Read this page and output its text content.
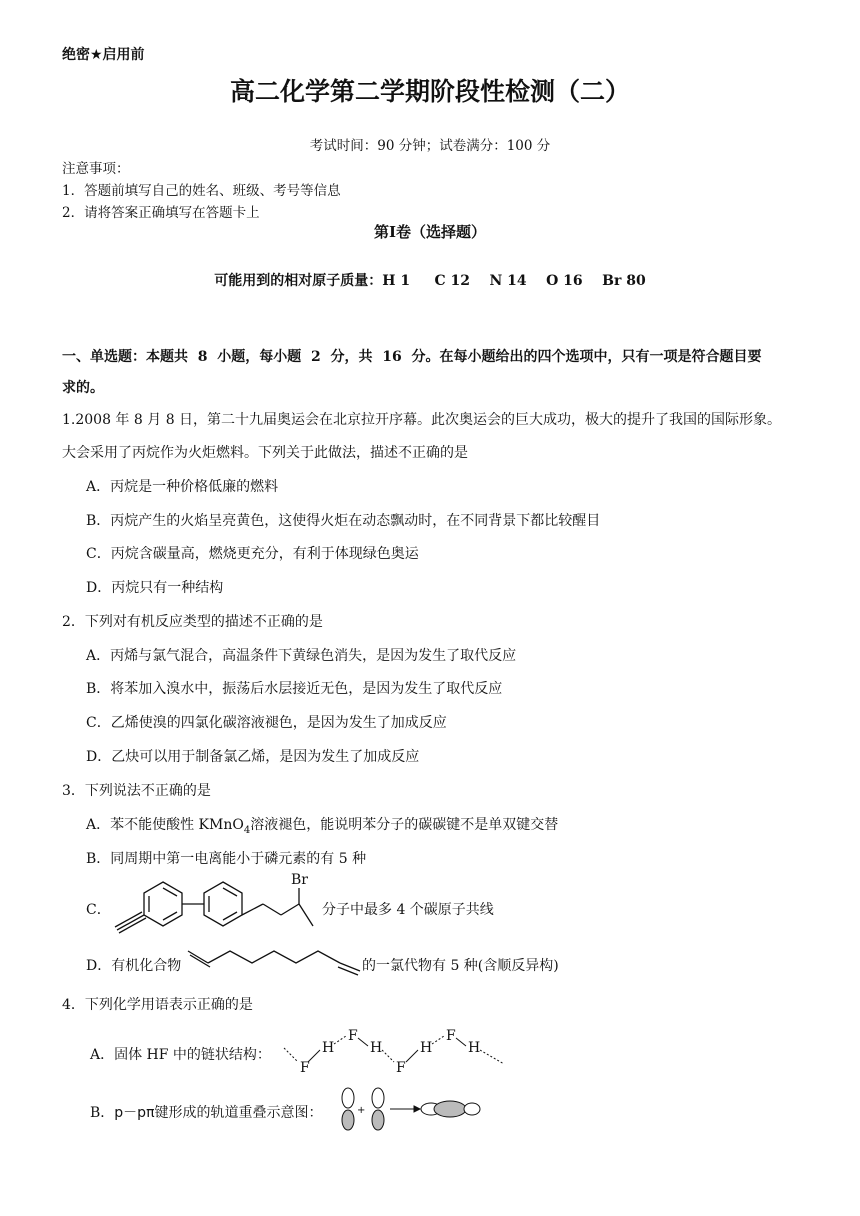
绝密★启用前
高二化学第二学期阶段性检测（二）
考试时间：90 分钟；试卷满分：100 分
注意事项：
1．答题前填写自己的姓名、班级、考号等信息
2．请将答案正确填写在答题卡上
第Ⅰ卷（选择题）
可能用到的相对原子质量：H 1     C 12    N 14    O 16    Br 80
一、单选题：本题共  8  小题，每小题  2  分，共  16  分。在每小题给出的四个选项中，只有一项是符合题目要
求的。
1.2008 年 8 月 8 日，第二十九届奥运会在北京拉开序幕。此次奥运会的巨大成功，极大的提升了我国的国际形象。
大会采用了丙烷作为火炬燃料。下列关于此做法，描述不正确的是
A．丙烷是一种价格低廉的燃料
B．丙烷产生的火焰呈亮黄色，这使得火炬在动态飘动时，在不同背景下都比较醒目
C．丙烷含碳量高，燃烧更充分，有利于体现绿色奥运
D．丙烷只有一种结构
2．下列对有机反应类型的描述不正确的是
A．丙烯与氯气混合，高温条件下黄绿色消失，是因为发生了取代反应
B．将苯加入溴水中，振荡后水层接近无色，是因为发生了取代反应
C．乙烯使溴的四氯化碳溶液褪色，是因为发生了加成反应
D．乙炔可以用于制备氯乙烯，是因为发生了加成反应
3．下列说法不正确的是
A．苯不能使酸性 KMnO$_4$溶液褪色，能说明苯分子的碳碳键不是单双键交替
B．同周期中第一电离能小于磷元素的有 5 种
C．
Br
分子中最多 4 个碳原子共线
D．有机化合物	的一氯代物有 5 种(含顺反异构)
4．下列化学用语表示正确的是
A．固体 HF 中的链状结构：
F
H
F
H
F
H
F
H
B．p－pπ键形成的轨道重叠示意图：	+
